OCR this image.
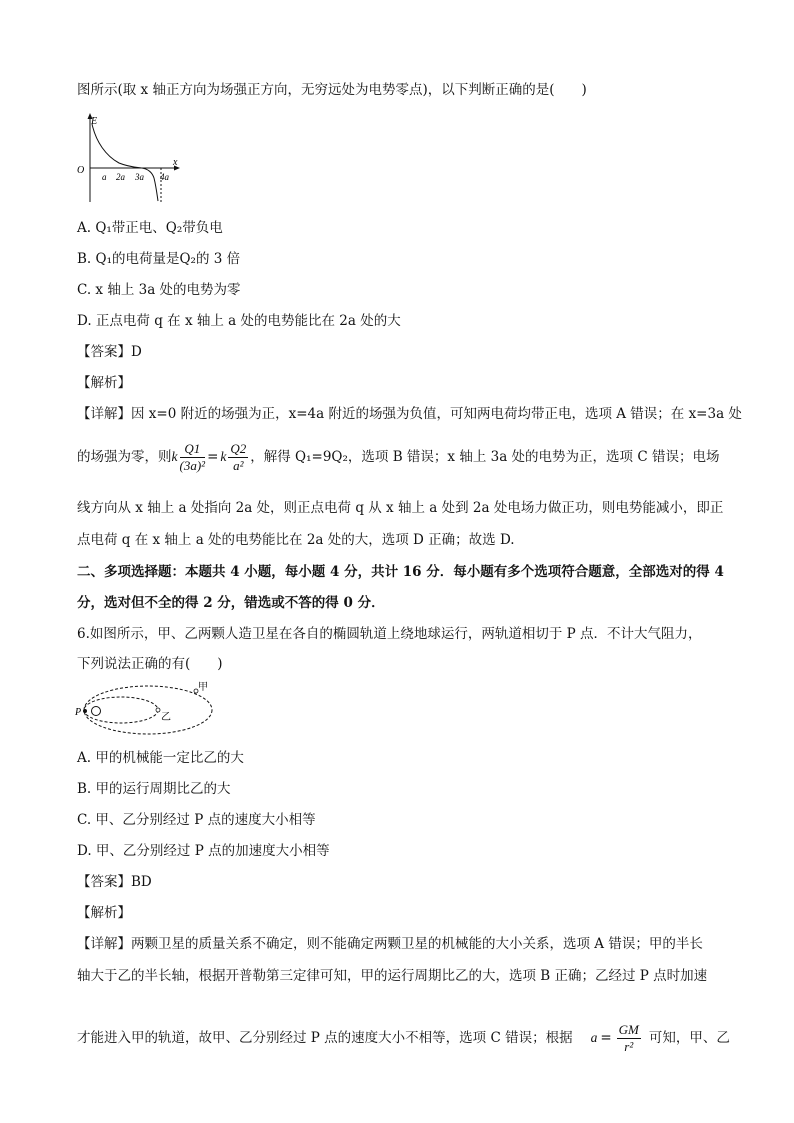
图所示(取 x 轴正方向为场强正方向，无穷远处为电势零点)，以下判断正确的是(　　)
E
x
O
a 2a 3a 4a
A. Q₁带正电、Q₂带负电
B. Q₁的电荷量是Q₂的 3 倍
C. x 轴上 3a 处的电势为零
D. 正点电荷 q 在 x 轴上 a 处的电势能比在 2a 处的大
【答案】D
【解析】
【详解】因 x=0 附近的场强为正，x=4a 附近的场强为负值，可知两电荷均带正电，选项 A 错误；在 x=3a 处
的场强为零，则k $\frac{Q1}{\text{(3a)²}} = k \frac{Q2}{\text{a²}}$ ，解得 Q₁=9Q₂，选项 B 错误；x 轴上 3a 处的电势为正，选项 C 错误；电场
线方向从 x 轴上 a 处指向 2a 处，则正点电荷 q 从 x 轴上 a 处到 2a 处电场力做正功，则电势能减小，即正
点电荷 q 在 x 轴上 a 处的电势能比在 2a 处的大，选项 D 正确；故选 D.
二、多项选择题：本题共 4 小题，每小题 4 分，共计 16 分．每小题有多个选项符合题意，全部选对的得 4
分，选对但不全的得 2 分，错选或不答的得 0 分．
6.如图所示，甲、乙两颗人造卫星在各自的椭圆轨道上绕地球运行，两轨道相切于 P 点．不计大气阻力，
下列说法正确的有(　　)
P	乙
甲
A. 甲的机械能一定比乙的大
B. 甲的运行周期比乙的大
C. 甲、乙分别经过 P 点的速度大小相等
D. 甲、乙分别经过 P 点的加速度大小相等
【答案】BD
【解析】
【详解】两颗卫星的质量关系不确定，则不能确定两颗卫星的机械能的大小关系，选项 A 错误；甲的半长
轴大于乙的半长轴，根据开普勒第三定律可知，甲的运行周期比乙的大，选项 B 正确；乙经过 P 点时加速
才能进入甲的轨道，故甲、乙分别经过 P 点的速度大小不相等，选项 C 错误；根据 $a = \frac{GM}{\text{r²}}$ 可知，甲、乙
